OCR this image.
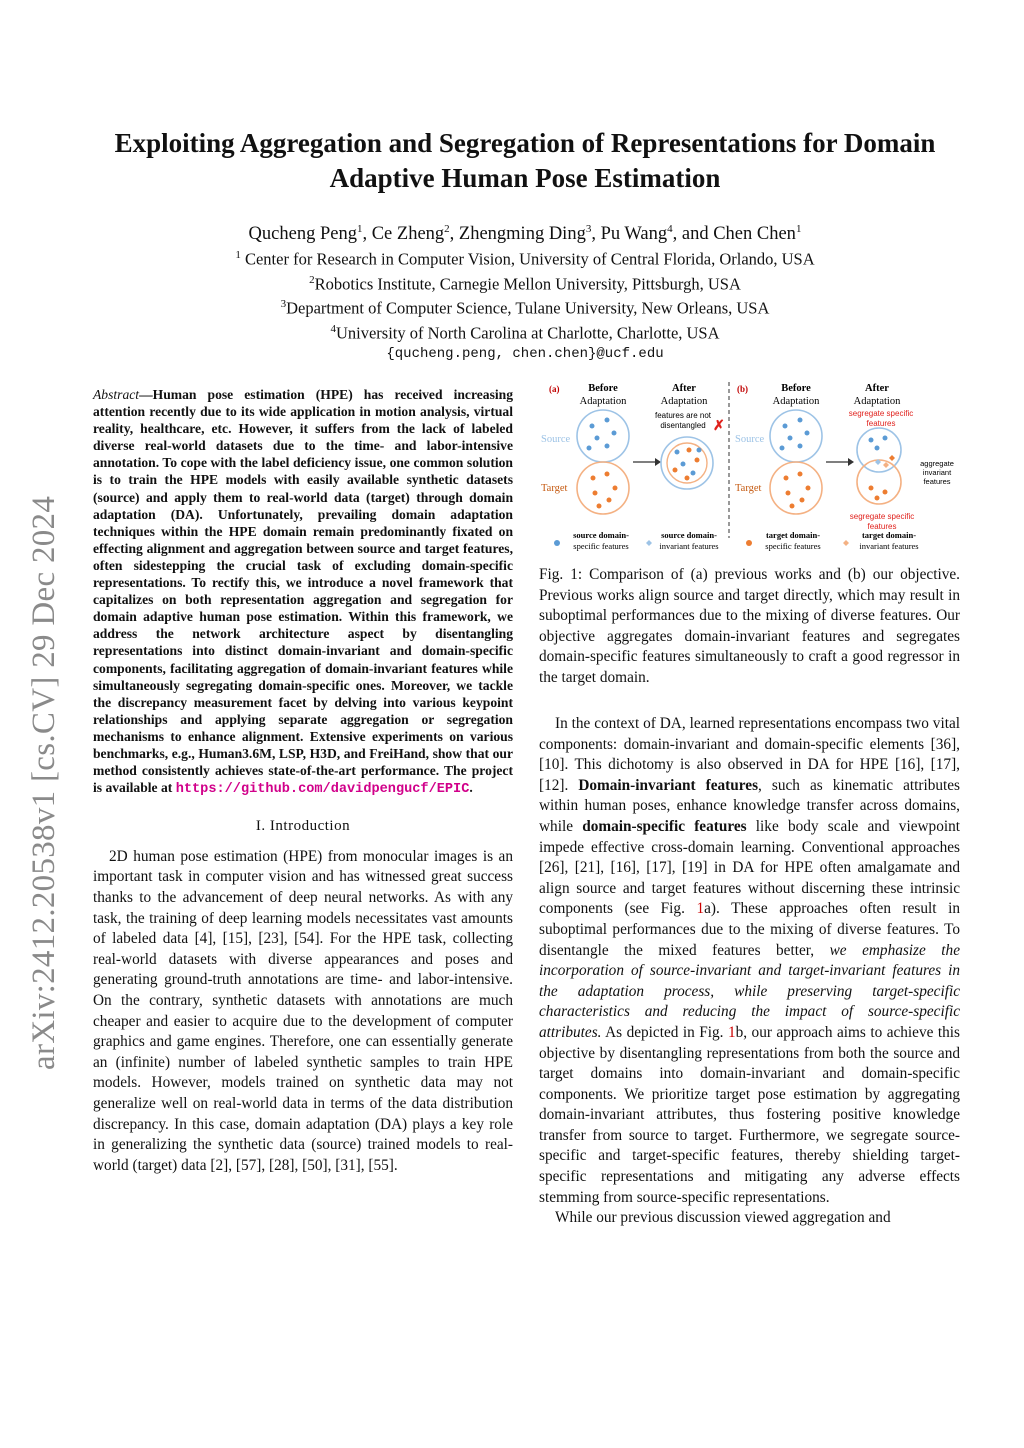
arXiv:2412.20538v1 [cs.CV] 29 Dec 2024
Exploiting Aggregation and Segregation of Representations for Domain Adaptive Human Pose Estimation
Qucheng Peng$^1$, Ce Zheng$^2$, Zhengming Ding$^3$, Pu Wang$^4$, and Chen Chen$^1$
$^1$ Center for Research in Computer Vision, University of Central Florida, Orlando, USA
$^2$Robotics Institute, Carnegie Mellon University, Pittsburgh, USA
$^3$Department of Computer Science, Tulane University, New Orleans, USA
$^4$University of North Carolina at Charlotte, Charlotte, USA
{qucheng.peng, chen.chen}@ucf.edu
Abstract—Human pose estimation (HPE) has received increasing attention recently due to its wide application in motion analysis, virtual reality, healthcare, etc. However, it suffers from the lack of labeled diverse real-world datasets due to the time- and labor-intensive annotation. To cope with the label deficiency issue, one common solution is to train the HPE models with easily available synthetic datasets (source) and apply them to real-world data (target) through domain adaptation (DA). Unfortunately, prevailing domain adaptation techniques within the HPE domain remain predominantly fixated on effecting alignment and aggregation between source and target features, often sidestepping the crucial task of excluding domain-specific representations. To rectify this, we introduce a novel framework that capitalizes on both representation aggregation and segregation for domain adaptive human pose estimation. Within this framework, we address the network architecture aspect by disentangling representations into distinct domain-invariant and domain-specific components, facilitating aggregation of domain-invariant features while simultaneously segregating domain-specific ones. Moreover, we tackle the discrepancy measurement facet by delving into various keypoint relationships and applying separate aggregation or segregation mechanisms to enhance alignment. Extensive experiments on various benchmarks, e.g., Human3.6M, LSP, H3D, and FreiHand, show that our method consistently achieves state-of-the-art performance. The project is available at https://github.com/davidpengucf/EPIC.
I. Introduction

2D human pose estimation (HPE) from monocular images is an important task in computer vision and has witnessed great success thanks to the advancement of deep neural networks. As with any task, the training of deep learning models necessitates vast amounts of labeled data [4], [15], [23], [54]. For the HPE task, collecting real-world datasets with diverse appearances and poses and generating ground-truth annotations are time- and labor-intensive. On the contrary, synthetic datasets with annotations are much cheaper and easier to acquire due to the development of computer graphics and game engines. Therefore, one can essentially generate an (infinite) number of labeled synthetic samples to train HPE models. However, models trained on synthetic data may not generalize well on real-world data in terms of the data distribution discrepancy. In this case, domain adaptation (DA) plays a key role in generalizing the synthetic data (source) trained models to real-world (target) data [2], [57], [28], [50], [31], [55].

(a)	(b)
Before
Adaptation
After
Adaptation
Before
Adaptation
After
Adaptation
features are not
disentangled ✗
Source
Target
Source
Target
segregate specific
features
aggregate
invariant
features
segregate specific
features
source domain-
specific features
source domain-
invariant features
target domain-
specific features
target domain-
invariant features
Fig. 1: Comparison of (a) previous works and (b) our objective. Previous works align source and target directly, which may result in suboptimal performances due to the mixing of diverse features. Our objective aggregates domain-invariant features and segregates domain-specific features simultaneously to craft a good regressor in the target domain.

In the context of DA, learned representations encompass two vital components: domain-invariant and domain-specific elements [36], [10]. This dichotomy is also observed in DA for HPE [16], [17], [12]. Domain-invariant features, such as kinematic attributes within human poses, enhance knowledge transfer across domains, while domain-specific features like body scale and viewpoint impede effective cross-domain learning. Conventional approaches [26], [21], [16], [17], [19] in DA for HPE often amalgamate and align source and target features without discerning these intrinsic components (see Fig. 1a). These approaches often result in suboptimal performances due to the mixing of diverse features. To disentangle the mixed features better, we emphasize the incorporation of source-invariant and target-invariant features in the adaptation process, while preserving target-specific characteristics and reducing the impact of source-specific attributes. As depicted in Fig. 1b, our approach aims to achieve this objective by disentangling representations from both the source and target domains into domain-invariant and domain-specific components. We prioritize target pose estimation by aggregating domain-invariant attributes, thus fostering positive knowledge transfer from source to target. Furthermore, we segregate source-specific and target-specific features, thereby shielding target-specific representations and mitigating any adverse effects stemming from source-specific representations.

While our previous discussion viewed aggregation and
